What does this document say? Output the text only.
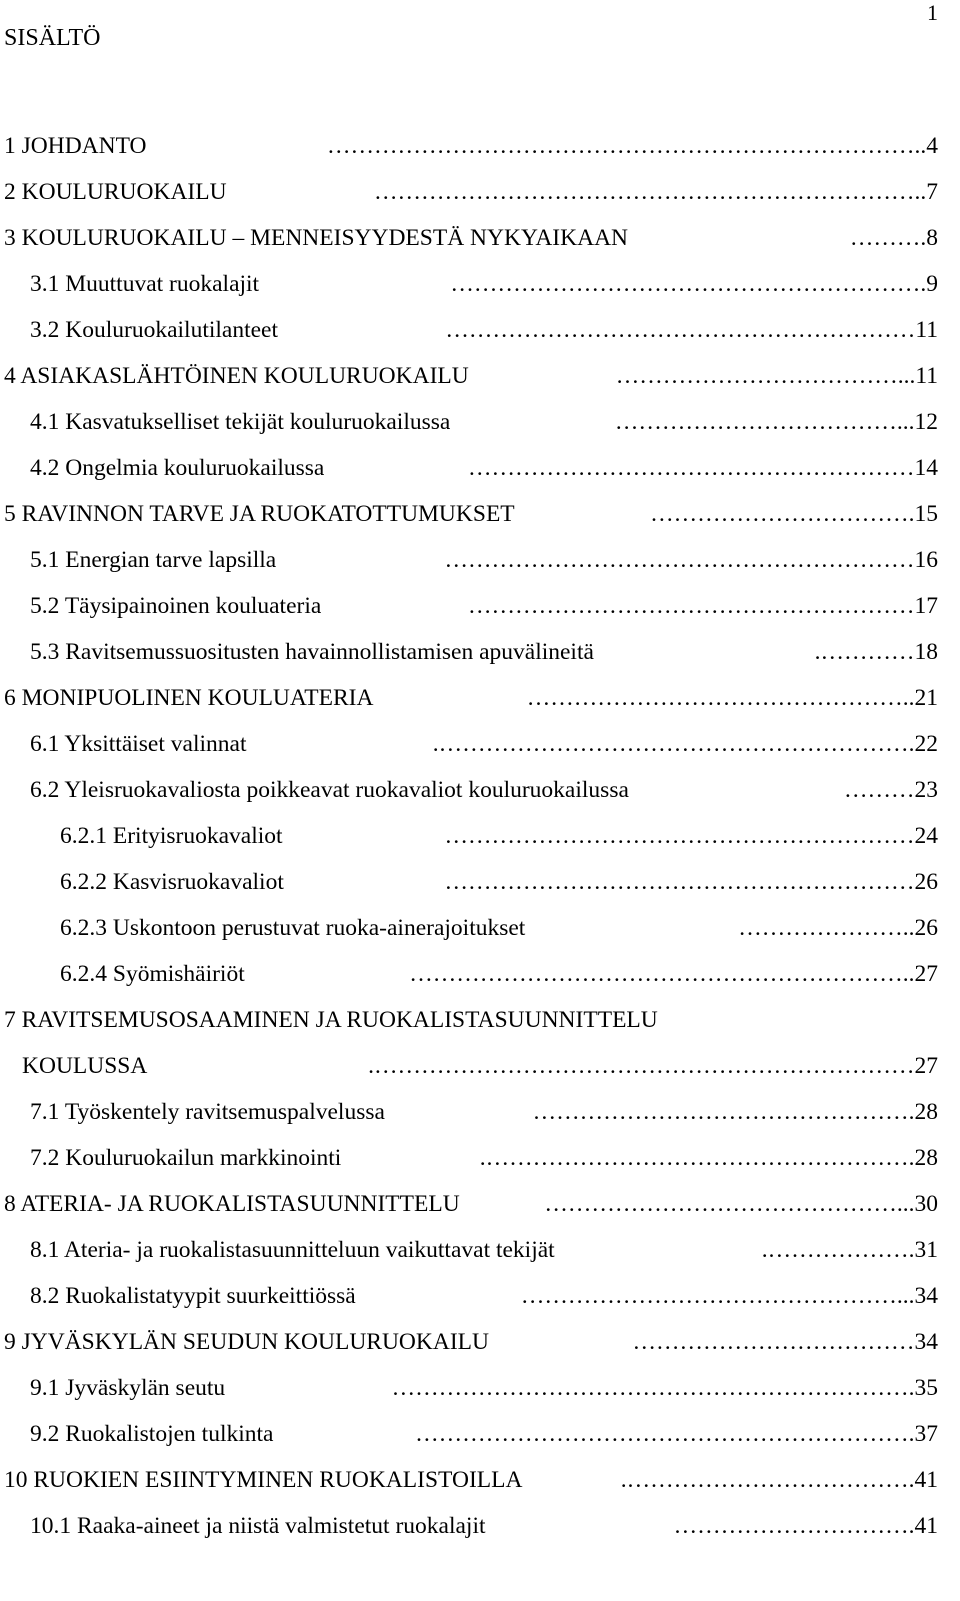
1
SISÄLTÖ
1 JOHDANTO	………………………………………………………………… ..4
2 KOULURUOKAILU	…………………………………………………………… ..7
3 KOULURUOKAILU – MENNEISYYDESTÄ NYKYAIKAAN	……… .8
3.1 Muuttuvat ruokalajit	…………………………………………………… .9
3.2 Kouluruokailutilanteet	…………………………………………………… 11
4 ASIAKASLÄHTÖINEN KOULURUOKAILU	……………………………… ...11
4.1 Kasvatukselliset tekijät kouluruokailussa	……………………………… ...12
4.2 Ongelmia kouluruokailussa	………………………………………………… 14
5 RAVINNON TARVE JA RUOKATOTTUMUKSET	…………………………… .15
5.1 Energian tarve lapsilla	…………………………………………………… 16
5.2 Täysipainoinen kouluateria	………………………………………………… 17
5.3 Ravitsemussuositusten havainnollistamisen apuvälineitä	…………. 18
6 MONIPUOLINEN KOULUATERIA	………………………………………… ..21
6.1 Yksittäiset valinnat	……………………………………………………. .22
6.2 Yleisruokavaliosta poikkeavat ruokavaliot kouluruokailussa	……… 23
6.2.1 Erityisruokavaliot	…………………………………………………… 24
6.2.2 Kasvisruokavaliot	…………………………………………………… 26
6.2.3 Uskontoon perustuvat ruoka-ainerajoitukset	………………… ..26
6.2.4 Syömishäiriöt	……………………………………………………… ..27
7 RAVITSEMUSOSAAMINEN JA RUOKALISTASUUNNITTELU
KOULUSSA	……………………………………………………………. 27
7.1 Työskentely ravitsemuspalvelussa	………………………………………… .28
7.2 Kouluruokailun markkinointi	………………………………………………. .28
8 ATERIA- JA RUOKALISTASUUNNITTELU	……………………………………… ...30
8.1 Ateria- ja ruokalistasuunnitteluun vaikuttavat tekijät	………………. .31
8.2 Ruokalistatyypit suurkeittiössä	………………………………………… ...34
9 JYVÄSKYLÄN SEUDUN KOULURUOKAILU	……………………………… 34
9.1 Jyväskylän seutu	………………………………………………………… .35
9.2 Ruokalistojen tulkinta	……………………………………………………… .37
10 RUOKIEN ESIINTYMINEN RUOKALISTOILLA	………………………………. .41
10.1 Raaka-aineet ja niistä valmistetut ruokalajit	………………………… .41
